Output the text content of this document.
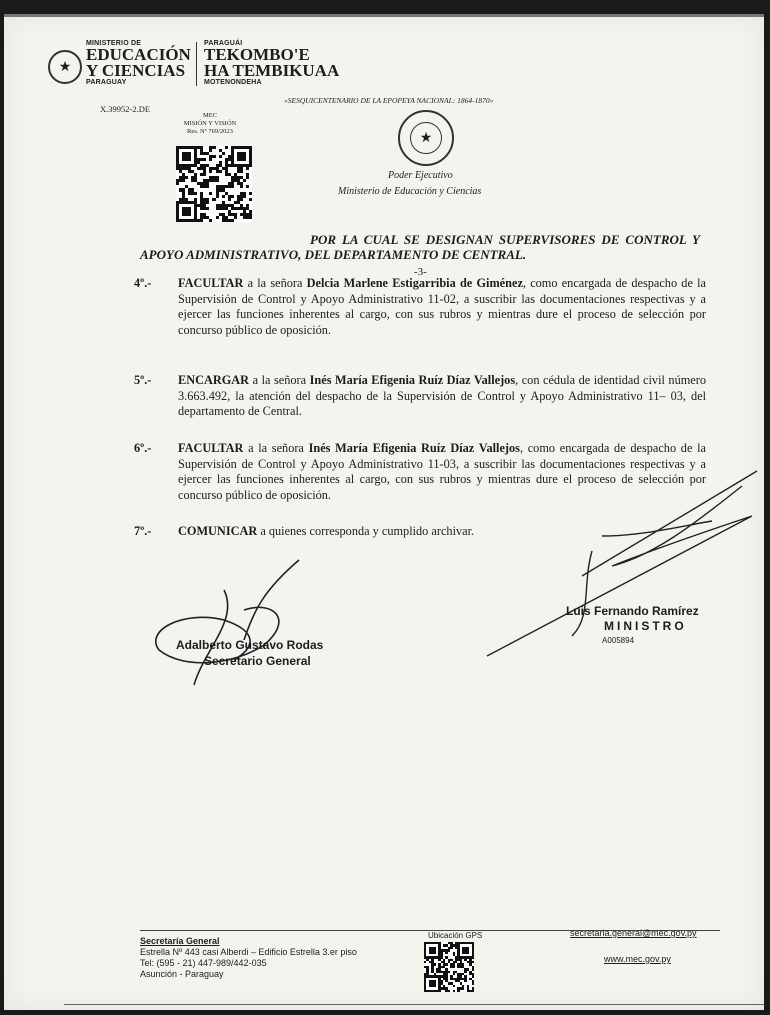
★
MINISTERIO DE
EDUCACIÓN
Y CIENCIAS
PARAGUAY
PARAGUÁI
TEKOMBO'E
HA TEMBIKUAA
MOTENONDEHA
«SESQUICENTENARIO DE LA EPOPEYA NACIONAL: 1864-1870»
X.39952-2.DE
MEC
MISIÓN Y VISIÓN
Res. Nº 769/2023	★
Poder Ejecutivo
Ministerio de Educación y Ciencias
POR LA CUAL SE DESIGNAN SUPERVISORES DE CONTROL Y APOYO ADMINISTRATIVO, DEL DEPARTAMENTO DE CENTRAL.
-3-
4º.- FACULTAR a la señora Delcia Marlene Estigarribia de Giménez, como encargada de despacho de la Supervisión de Control y Apoyo Administrativo 11-02, a suscribir las documentaciones respectivas y a ejercer las funciones inherentes al cargo, con sus rubros y mientras dure el proceso de selección por concurso público de oposición.
5º.- ENCARGAR a la señora Inés María Efigenia Ruíz Díaz Vallejos, con cédula de identidad civil número 3.663.492, la atención del despacho de la Supervisión de Control y Apoyo Administrativo 11– 03, del departamento de Central.
6º.- FACULTAR a la señora Inés María Efigenia Ruíz Díaz Vallejos, como encargada de despacho de la Supervisión de Control y Apoyo Administrativo 11-03, a suscribir las documentaciones respectivas y a ejercer las funciones inherentes al cargo, con sus rubros y mientras dure el proceso de selección por concurso público de oposición.
7º.- COMUNICAR a quienes corresponda y cumplido archivar.
Adalberto Gustavo Rodas
Secretario General
Luis Fernando Ramírez
MINISTRO
A005894
Secretaría General
Estrella Nº 443 casi Alberdi – Edificio Estrella 3.er piso
Tel: (595 - 21) 447-989/442-035
Asunción - Paraguay
Ubicación GPS	secretaria.general@mec.gov.py
www.mec.gov.py
